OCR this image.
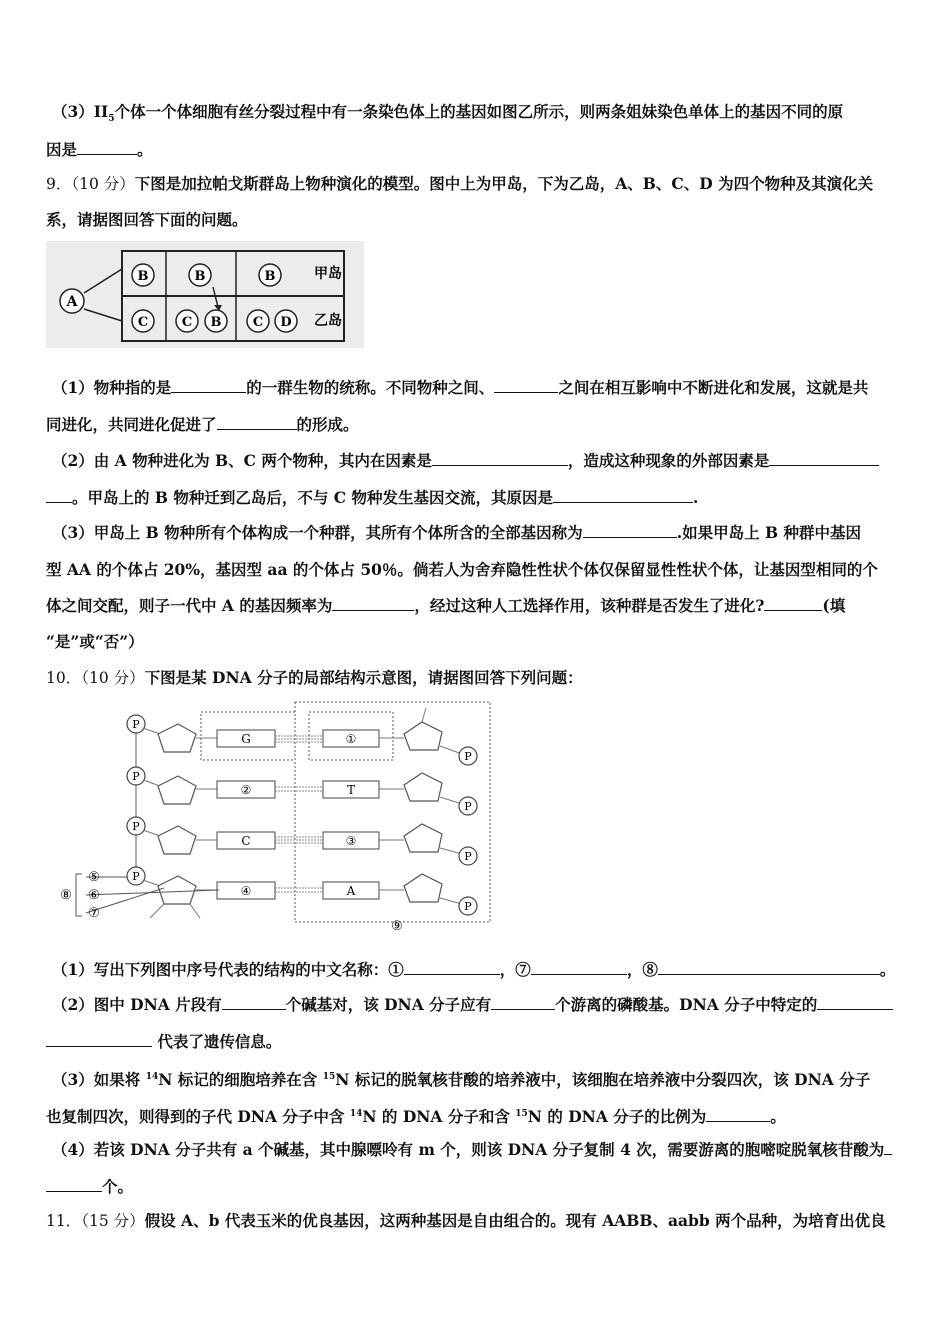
$(3)II_5$个体一个体细胞有丝分裂过程中有一条染色体上的基因如图乙所示，则两条姐妹染色单体上的基因不同的原
因是	。
9．（10 分）下图是加拉帕戈斯群岛上物种演化的模型。图中上为甲岛，下为乙岛，A、B、C、D 为四个物种及其演化关
系，请据图回答下面的问题。
A
B	B	B
C	C B C D
甲岛
乙岛
（1）物种指的是	的一群生物的统称。不同物种之间、	之间在相互影响中不断进化和发展，这就是共
同进化，共同进化促进了	的形成。
（2）由 A 物种进化为 B、C 两个物种，其内在因素是	，造成这种现象的外部因素是
。甲岛上的 B 物种迁到乙岛后，不与 C 物种发生基因交流，其原因是	.
（3）甲岛上 B 物种所有个体构成一个种群，其所有个体所含的全部基因称为	.如果甲岛上 B 种群中基因
型 AA 的个体占 20%，基因型 aa 的个体占 50％。倘若人为舍弃隐性性状个体仅保留显性性状个体，让基因型相同的个
体之间交配，则子一代中 A 的基因频率为	，经过这种人工选择作用，该种群是否发生了进化?	(填
“是”或“否”）
10．（10 分）下图是某 DNA 分子的局部结构示意图，请据图回答下列问题：
P
G	①
P
P
②	T
P
P
C	③
P
P
④	A
P
⑤
⑥
⑦
⑧
⑨
（1）写出下列图中序号代表的结构的中文名称：①	，⑦	，⑧	。
（2）图中 DNA 片段有	个碱基对，该 DNA 分子应有	个游离的磷酸基。DNA 分子中特定的
代表了遗传信息。
（3）如果将 $^{14}$N 标记的细胞培养在含 $^{15}$N 标记的脱氧核苷酸的培养液中，该细胞在培养液中分裂四次，该 DNA 分子
也复制四次，则得到的子代 DNA 分子中含 $^{14}$N 的 DNA 分子和含 $^{15}$N 的 DNA 分子的比例为	。
（4）若该 DNA 分子共有 a 个碱基，其中腺嘌呤有 m 个，则该 DNA 分子复制 4 次，需要游离的胞嘧啶脱氧核苷酸为
个。
11．（15 分）假设 A、b 代表玉米的优良基因，这两种基因是自由组合的。现有 AABB、aabb 两个品种，为培育出优良
